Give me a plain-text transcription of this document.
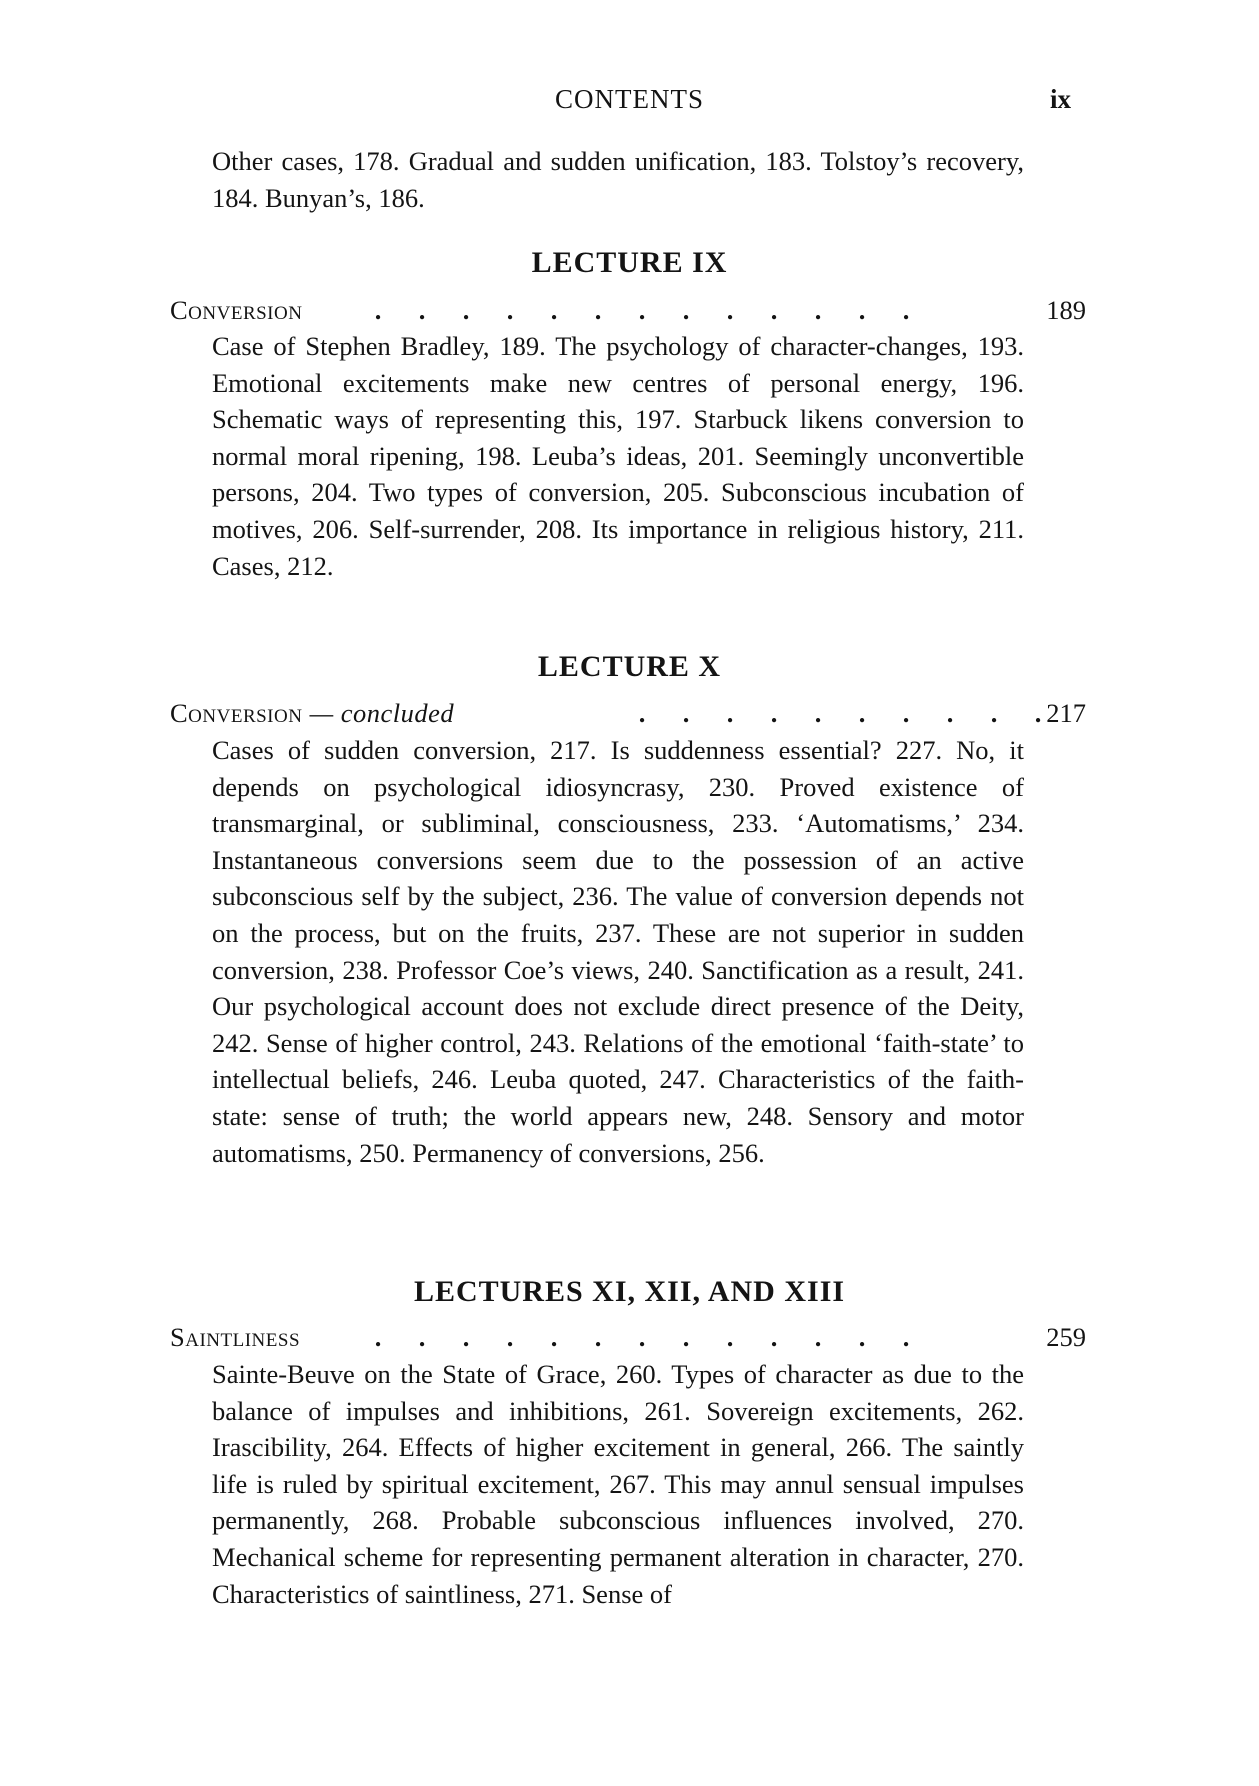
CONTENTS	ix

Other cases, 178. Gradual and sudden unification, 183. Tolstoy’s recovery, 184. Bunyan’s, 186.

LECTURE IX
Conversion	. . . . . . . . . . . . .	189

Case of Stephen Bradley, 189. The psychology of character-changes, 193. Emotional excitements make new centres of personal energy, 196. Schematic ways of representing this, 197. Starbuck likens conversion to normal moral ripening, 198. Leuba’s ideas, 201. Seemingly unconvertible persons, 204. Two types of conversion, 205. Subconscious incubation of motives, 206. Self-surrender, 208. Its importance in religious history, 211. Cases, 212.

LECTURE X
Conversion — concluded	. . . . . . . . . . 217

Cases of sudden conversion, 217. Is suddenness essential? 227. No, it depends on psychological idiosyncrasy, 230. Proved existence of transmarginal, or subliminal, consciousness, 233. ‘Automatisms,’ 234. Instantaneous conversions seem due to the possession of an active subconscious self by the subject, 236. The value of conversion depends not on the process, but on the fruits, 237. These are not superior in sudden conversion, 238. Professor Coe’s views, 240. Sanctification as a result, 241. Our psychological account does not exclude direct presence of the Deity, 242. Sense of higher control, 243. Relations of the emotional ‘faith-state’ to intellectual beliefs, 246. Leuba quoted, 247. Characteristics of the faith-state: sense of truth; the world appears new, 248. Sensory and motor automatisms, 250. Permanency of conversions, 256.

LECTURES XI, XII, AND XIII
Saintliness	. . . . . . . . . . . . .	259

Sainte-Beuve on the State of Grace, 260. Types of character as due to the balance of impulses and inhibitions, 261. Sovereign excitements, 262. Irascibility, 264. Effects of higher excitement in general, 266. The saintly life is ruled by spiritual excitement, 267. This may annul sensual impulses permanently, 268. Probable subconscious influences involved, 270. Mechanical scheme for representing permanent alteration in character, 270. Characteristics of saintliness, 271. Sense of
